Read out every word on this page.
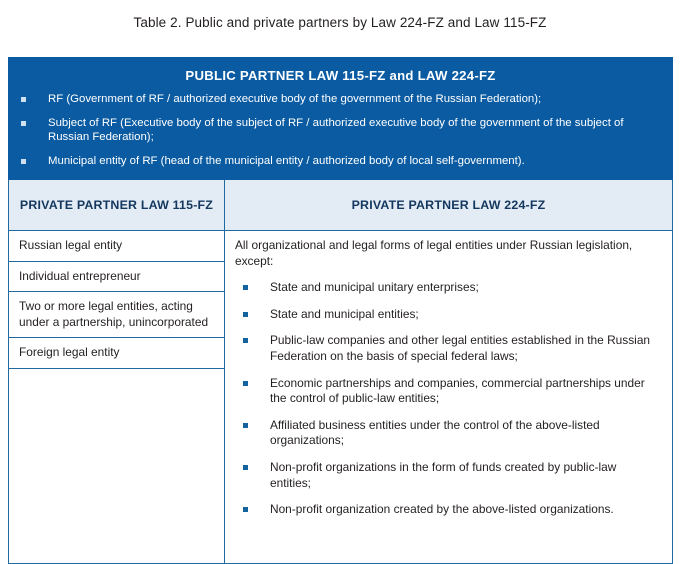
Table 2. Public and private partners by Law 224-FZ and Law 115-FZ
PUBLIC PARTNER LAW 115-FZ and LAW 224-FZ
RF (Government of RF / authorized executive body of the government of the Russian Federation);
Subject of RF (Executive body of the subject of RF / authorized executive body of the government of the subject of Russian Federation);
Municipal entity of RF (head of the municipal entity / authorized body of local self-government).
PRIVATE PARTNER LAW 115-FZ
Russian legal entity
Individual entrepreneur
Two or more legal entities, acting under a partnership, unincorporated
Foreign legal entity
PRIVATE PARTNER LAW 224-FZ

All organizational and legal forms of legal entities under Russian legislation, except:

State and municipal unitary enterprises;
State and municipal entities;
Public-law companies and other legal entities established in the Russian Federation on the basis of special federal laws;
Economic partnerships and companies, commercial partnerships under the control of public-law entities;
Affiliated business entities under the control of the above-listed organizations;
Non-profit organizations in the form of funds created by public-law entities;
Non-profit organization created by the above-listed organizations.
